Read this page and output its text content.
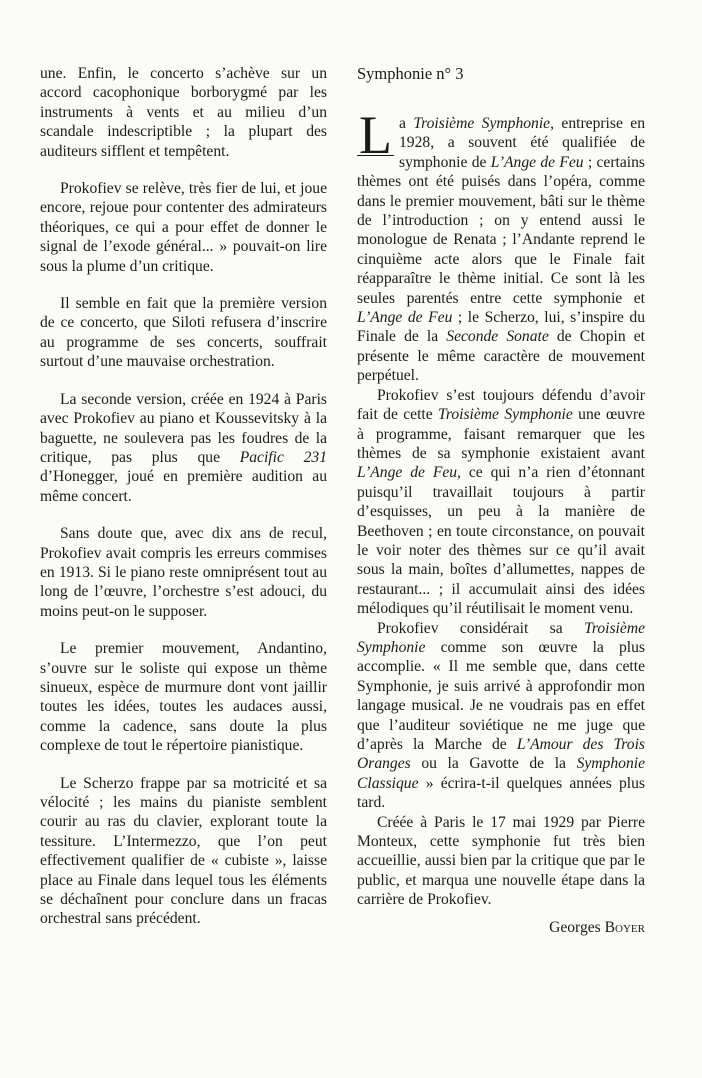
une. Enfin, le concerto s’achève sur un accord cacophonique borborygmé par les instruments à vents et au milieu d’un scandale indescriptible ; la plupart des auditeurs sifflent et tempêtent.

Prokofiev se relève, très fier de lui, et joue encore, rejoue pour contenter des admirateurs théoriques, ce qui a pour effet de donner le signal de l’exode général... » pouvait-on lire sous la plume d’un critique.

Il semble en fait que la première version de ce concerto, que Siloti refusera d’inscrire au programme de ses concerts, souffrait surtout d’une mauvaise orchestration.

La seconde version, créée en 1924 à Paris avec Prokofiev au piano et Koussevitsky à la baguette, ne soulevera pas les foudres de la critique, pas plus que Pacific 231 d’Honegger, joué en première audition au même concert.

Sans doute que, avec dix ans de recul, Prokofiev avait compris les erreurs commises en 1913. Si le piano reste omniprésent tout au long de l’œuvre, l’orchestre s’est adouci, du moins peut-on le supposer.

Le premier mouvement, Andantino, s’ouvre sur le soliste qui expose un thème sinueux, espèce de murmure dont vont jaillir toutes les idées, toutes les audaces aussi, comme la cadence, sans doute la plus complexe de tout le répertoire pianistique.

Le Scherzo frappe par sa motricité et sa vélocité ; les mains du pianiste semblent courir au ras du clavier, explorant toute la tessiture. L’Intermezzo, que l’on peut effectivement qualifier de « cubiste », laisse place au Finale dans lequel tous les éléments se déchaînent pour conclure dans un fracas orchestral sans précédent.

Symphonie n° 3

L a Troisième Symphonie, entreprise en 1928, a souvent été qualifiée de symphonie de L’Ange de Feu ; certains thèmes ont été puisés dans l’opéra, comme dans le premier mouvement, bâti sur le thème de l’introduction ; on y entend aussi le monologue de Renata ; l’Andante reprend le cinquième acte alors que le Finale fait réapparaître le thème initial. Ce sont là les seules parentés entre cette symphonie et L’Ange de Feu ; le Scherzo, lui, s’inspire du Finale de la Seconde Sonate de Chopin et présente le même caractère de mouvement perpétuel.

Prokofiev s’est toujours défendu d’avoir fait de cette Troisième Symphonie une œuvre à programme, faisant remarquer que les thèmes de sa symphonie existaient avant L’Ange de Feu, ce qui n’a rien d’étonnant puisqu’il travaillait toujours à partir d’esquisses, un peu à la manière de Beethoven ; en toute circonstance, on pouvait le voir noter des thèmes sur ce qu’il avait sous la main, boîtes d’allumettes, nappes de restaurant... ; il accumulait ainsi des idées mélodiques qu’il réutilisait le moment venu.

Prokofiev considérait sa Troisième Symphonie comme son œuvre la plus accomplie. « Il me semble que, dans cette Symphonie, je suis arrivé à approfondir mon langage musical. Je ne voudrais pas en effet que l’auditeur soviétique ne me juge que d’après la Marche de L’Amour des Trois Oranges ou la Gavotte de la Symphonie Classique » écrira-t-il quelques années plus tard.

Créée à Paris le 17 mai 1929 par Pierre Monteux, cette symphonie fut très bien accueillie, aussi bien par la critique que par le public, et marqua une nouvelle étape dans la carrière de Prokofiev.

Georges Boyer
